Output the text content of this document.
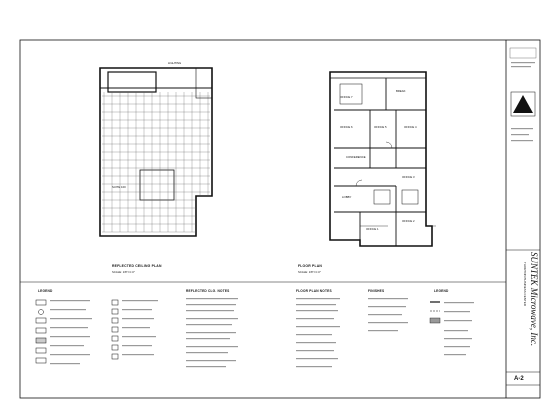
REFLECTED CEILING PLAN
SCALE: 1/8"=1'-0"
LIGHTING
SUITE 100
FLOOR PLAN
SCALE: 1/8"=1'-0"
OFFICE 7
OFFICE 6	OFFICE 5	OFFICE 4
CONFERENCE
OFFICE 3
OFFICE 2
OFFICE 1
LOBBY
BREAK
LEGEND	REFLECTED CLG. NOTES	FLOOR PLAN NOTES	FINISHES	LEGEND	SUNTEK Microwave, Inc.
THORTON BUSINESS CENTER
A-2
